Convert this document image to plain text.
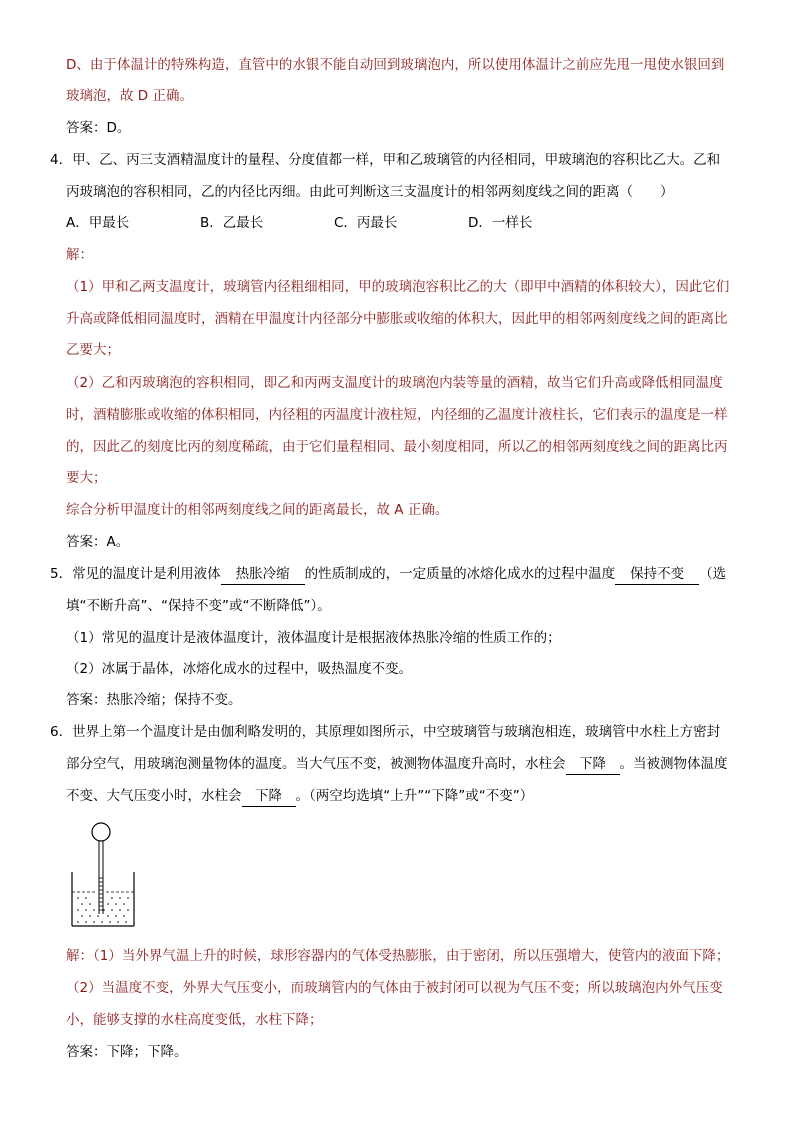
D、由于体温计的特殊构造，直管中的水银不能自动回到玻璃泡内，所以使用体温计之前应先甩一甩使水银回到
玻璃泡，故 D 正确。
答案：D。
4．甲、乙、丙三支酒精温度计的量程、分度值都一样，甲和乙玻璃管的内径相同，甲玻璃泡的容积比乙大。乙和
丙玻璃泡的容积相同，乙的内径比丙细。由此可判断这三支温度计的相邻两刻度线之间的距离（　　）
A．甲最长	B．乙最长	C．丙最长	D．一样长
解：
（1）甲和乙两支温度计，玻璃管内径粗细相同，甲的玻璃泡容积比乙的大（即甲中酒精的体积较大），因此它们
升高或降低相同温度时，酒精在甲温度计内径部分中膨胀或收缩的体积大，因此甲的相邻两刻度线之间的距离比
乙要大；
（2）乙和丙玻璃泡的容积相同，即乙和丙两支温度计的玻璃泡内装等量的酒精，故当它们升高或降低相同温度
时，酒精膨胀或收缩的体积相同，内径粗的丙温度计液柱短，内径细的乙温度计液柱长，它们表示的温度是一样
的，因此乙的刻度比丙的刻度稀疏，由于它们量程相同、最小刻度相同，所以乙的相邻两刻度线之间的距离比丙
要大；
综合分析甲温度计的相邻两刻度线之间的距离最长，故 A 正确。
答案：A。
5．常见的温度计是利用液体 热胀冷缩 的性质制成的，一定质量的冰熔化成水的过程中温度 保持不变 （选
填“不断升高”、“保持不变”或“不断降低”）。
（1）常见的温度计是液体温度计，液体温度计是根据液体热胀冷缩的性质工作的；
（2）冰属于晶体，冰熔化成水的过程中，吸热温度不变。
答案：热胀冷缩；保持不变。
6．世界上第一个温度计是由伽利略发明的，其原理如图所示，中空玻璃管与玻璃泡相连，玻璃管中水柱上方密封
部分空气，用玻璃泡测量物体的温度。当大气压不变，被测物体温度升高时，水柱会 下降 。当被测物体温度
不变、大气压变小时，水柱会 下降 。（两空均选填“上升”“下降”或“不变”）
解：（1）当外界气温上升的时候，球形容器内的气体受热膨胀，由于密闭，所以压强增大，使管内的液面下降；
（2）当温度不变，外界大气压变小，而玻璃管内的气体由于被封闭可以视为气压不变；所以玻璃泡内外气压变
小，能够支撑的水柱高度变低，水柱下降；
答案：下降；下降。
